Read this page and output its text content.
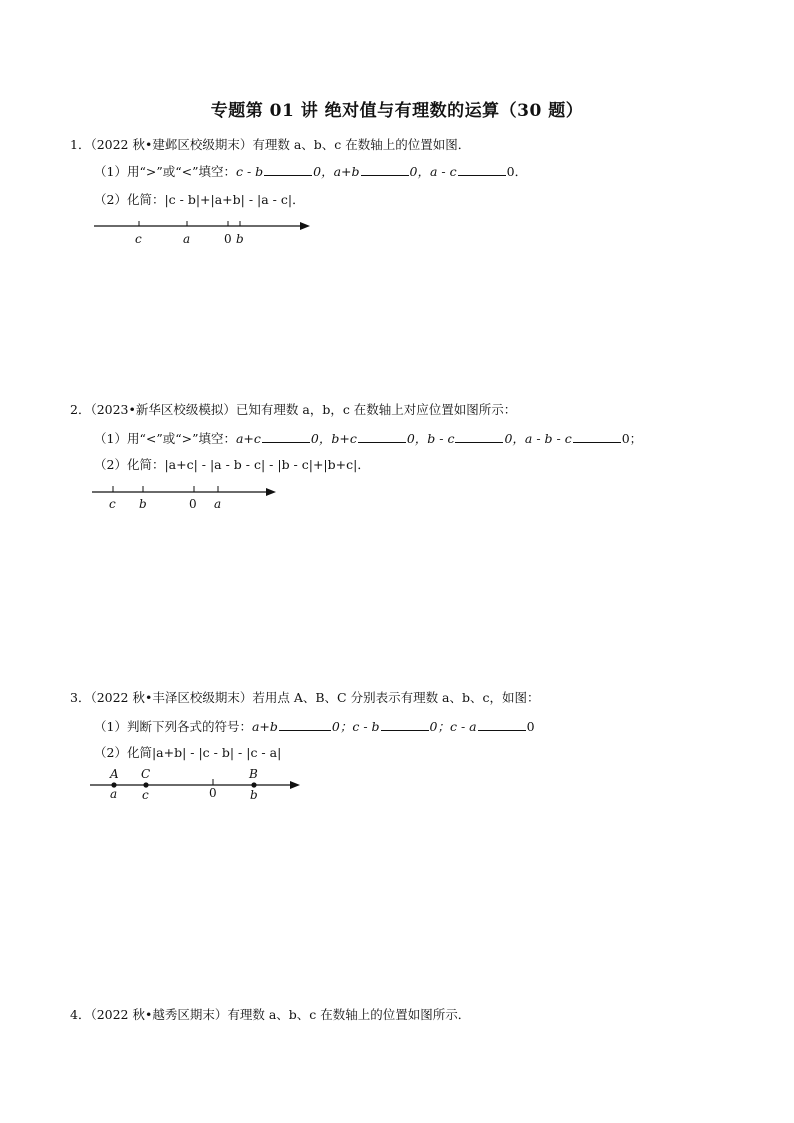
专题第 01 讲 绝对值与有理数的运算（30 题）
1．（2022 秋•建邺区校级期末）有理数 a、b、c 在数轴上的位置如图．
（1）用“>”或“<”填空：c - b	0，a+b	0，a - c	0．
（2）化简：|c - b|+|a+b| - |a - c|．
c	a	0 b
2．（2023•新华区校级模拟）已知有理数 a，b，c 在数轴上对应位置如图所示：
（1）用“<”或“>”填空：a+c	0，b+c	0，b - c	0，a - b - c	0；
（2）化简：|a+c| - |a - b - c| - |b - c|+|b+c|．
c b	0 a
3．（2022 秋•丰泽区校级期末）若用点 A、B、C 分别表示有理数 a、b、c，如图：
（1）判断下列各式的符号：a+b	0；c - b	0；c - a	0
（2）化简|a+b| - |c - b| - |c - a|
A C	B
a c	0	b
4．（2022 秋•越秀区期末）有理数 a、b、c 在数轴上的位置如图所示．
